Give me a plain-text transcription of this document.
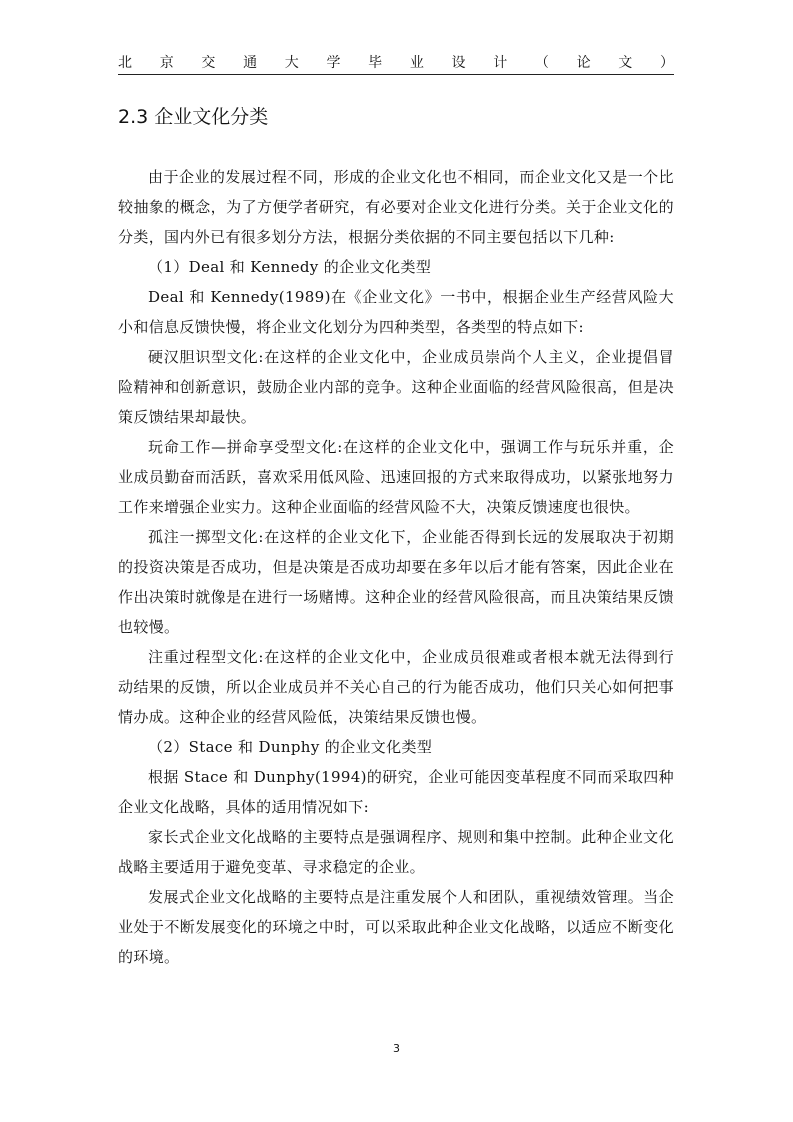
北 京 交 通 大 学 毕 业 设 计 （ 论 文 ）
2.3 企业文化分类

由于企业的发展过程不同，形成的企业文化也不相同，而企业文化又是一个比较抽象的概念，为了方便学者研究，有必要对企业文化进行分类。关于企业文化的分类，国内外已有很多划分方法，根据分类依据的不同主要包括以下几种:

（1）Deal 和 Kennedy 的企业文化类型

Deal 和 Kennedy(1989)在《企业文化》一书中，根据企业生产经营风险大小和信息反馈快慢，将企业文化划分为四种类型，各类型的特点如下:

硬汉胆识型文化:在这样的企业文化中，企业成员崇尚个人主义，企业提倡冒险精神和创新意识，鼓励企业内部的竞争。这种企业面临的经营风险很高，但是决策反馈结果却最快。

玩命工作—拼命享受型文化:在这样的企业文化中，强调工作与玩乐并重，企业成员勤奋而活跃，喜欢采用低风险、迅速回报的方式来取得成功，以紧张地努力工作来增强企业实力。这种企业面临的经营风险不大，决策反馈速度也很快。

孤注一掷型文化:在这样的企业文化下，企业能否得到长远的发展取决于初期的投资决策是否成功，但是决策是否成功却要在多年以后才能有答案，因此企业在作出决策时就像是在进行一场赌博。这种企业的经营风险很高，而且决策结果反馈也较慢。

注重过程型文化:在这样的企业文化中，企业成员很难或者根本就无法得到行动结果的反馈，所以企业成员并不关心自己的行为能否成功，他们只关心如何把事情办成。这种企业的经营风险低，决策结果反馈也慢。

（2）Stace 和 Dunphy 的企业文化类型

根据 Stace 和 Dunphy(1994)的研究，企业可能因变革程度不同而采取四种企业文化战略，具体的适用情况如下:

家长式企业文化战略的主要特点是强调程序、规则和集中控制。此种企业文化战略主要适用于避免变革、寻求稳定的企业。

发展式企业文化战略的主要特点是注重发展个人和团队，重视绩效管理。当企业处于不断发展变化的环境之中时，可以采取此种企业文化战略，以适应不断变化的环境。

3
